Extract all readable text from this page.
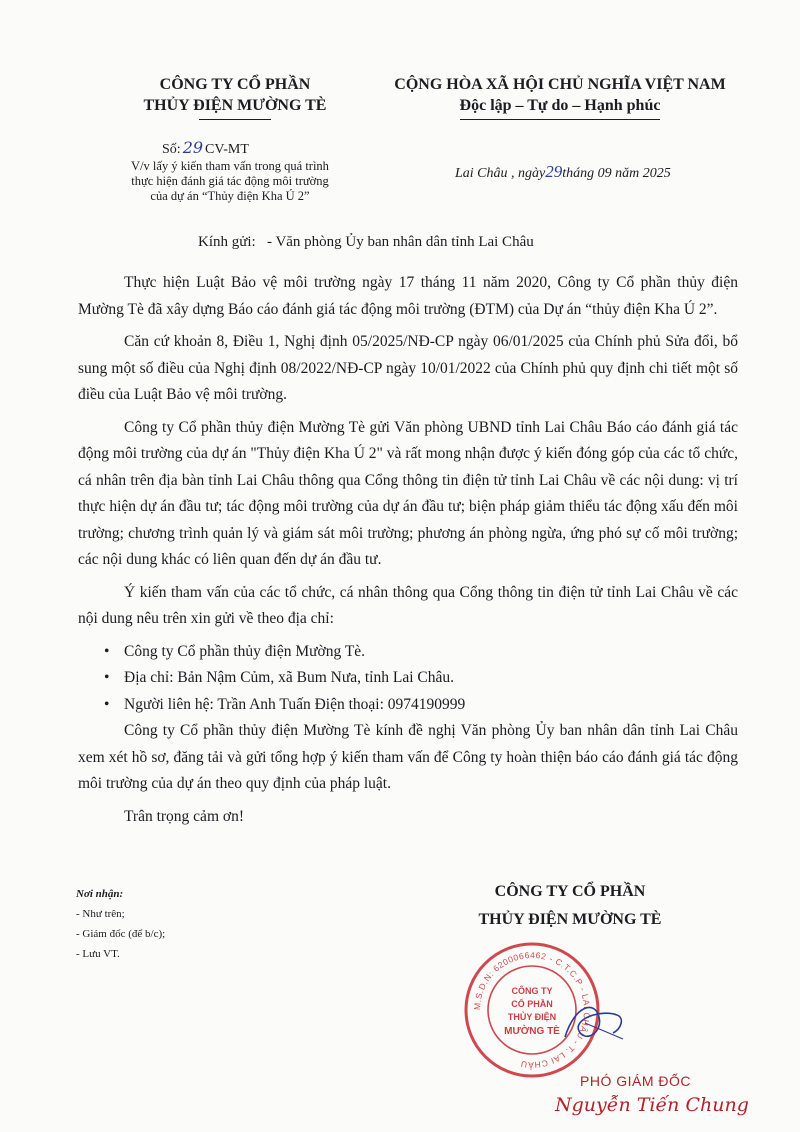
CÔNG TY CỔ PHẦN
THỦY ĐIỆN MƯỜNG TÈ
CỘNG HÒA XÃ HỘI CHỦ NGHĨA VIỆT NAM
Độc lập – Tự do – Hạnh phúc
Số: 29 CV-MT
V/v lấy ý kiến tham vấn trong quá trình
thực hiện đánh giá tác động môi trường
của dự án “Thủy điện Kha Ú 2”
Lai Châu , ngày29tháng 09 năm 2025
Kính gửi: - Văn phòng Ủy ban nhân dân tỉnh Lai Châu

Thực hiện Luật Bảo vệ môi trường ngày 17 tháng 11 năm 2020, Công ty Cổ phần thủy điện Mường Tè đã xây dựng Báo cáo đánh giá tác động môi trường (ĐTM) của Dự án “thủy điện Kha Ú 2”.

Căn cứ khoản 8, Điều 1, Nghị định 05/2025/NĐ-CP ngày 06/01/2025 của Chính phủ Sửa đổi, bổ sung một số điều của Nghị định 08/2022/NĐ-CP ngày 10/01/2022 của Chính phủ quy định chi tiết một số điều của Luật Bảo vệ môi trường.

Công ty Cổ phần thủy điện Mường Tè gửi Văn phòng UBND tỉnh Lai Châu Báo cáo đánh giá tác động môi trường của dự án "Thủy điện Kha Ú 2" và rất mong nhận được ý kiến đóng góp của các tổ chức, cá nhân trên địa bàn tỉnh Lai Châu thông qua Cổng thông tin điện tử tỉnh Lai Châu về các nội dung: vị trí thực hiện dự án đầu tư; tác động môi trường của dự án đầu tư; biện pháp giảm thiểu tác động xấu đến môi trường; chương trình quản lý và giám sát môi trường; phương án phòng ngừa, ứng phó sự cố môi trường; các nội dung khác có liên quan đến dự án đầu tư.

Ý kiến tham vấn của các tổ chức, cá nhân thông qua Cổng thông tin điện tử tỉnh Lai Châu về các nội dung nêu trên xin gửi về theo địa chỉ:

• Công ty Cổ phần thủy điện Mường Tè.
• Địa chỉ: Bản Nậm Củm, xã Bum Nưa, tỉnh Lai Châu.
• Người liên hệ: Trần Anh Tuấn Điện thoại: 0974190999

Công ty Cổ phần thủy điện Mường Tè kính đề nghị Văn phòng Ủy ban nhân dân tỉnh Lai Châu xem xét hồ sơ, đăng tải và gửi tổng hợp ý kiến tham vấn để Công ty hoàn thiện báo cáo đánh giá tác động môi trường của dự án theo quy định của pháp luật.

Trân trọng cảm ơn!

Nơi nhận:
- Như trên;
- Giám đốc (để b/c);
- Lưu VT.
CÔNG TY CỔ PHẦN
THỦY ĐIỆN MƯỜNG TÈ
M.S.D.N: 6200066462 - C.T.C.P - LAI CHÂU - T. LAI CHÂU
CÔNG TY
CỔ PHẦN
THỦY ĐIỆN
MƯỜNG TÈ
PHÓ GIÁM ĐỐC
Nguyễn Tiến Chung
